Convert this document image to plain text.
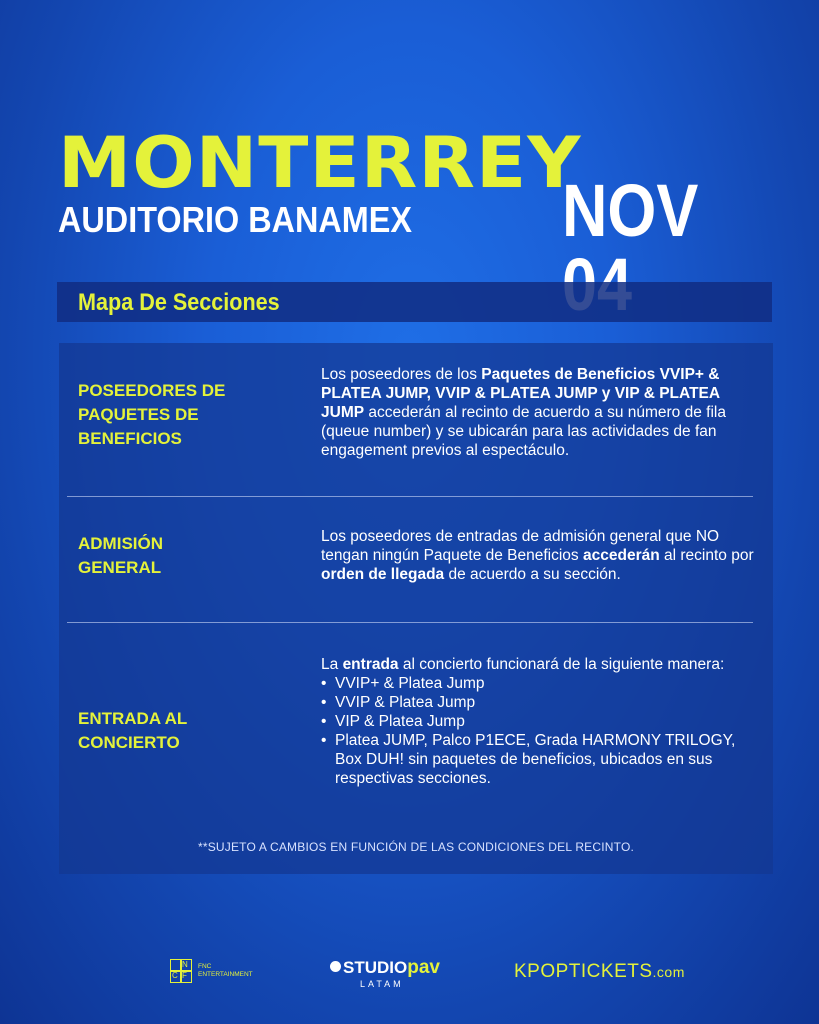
MONTERREY
AUDITORIO BANAMEX NOV
Mapa De Secciones
POSEEDORES DE
PAQUETES DE
BENEFICIOS
Los poseedores de los Paquetes de Beneficios VVIP+ & PLATEA JUMP, VVIP & PLATEA JUMP y VIP & PLATEA JUMP accederán al recinto de acuerdo a su número de fila (queue number) y se ubicarán para las actividades de fan engagement previos al espectáculo.
ADMISIÓN
GENERAL
Los poseedores de entradas de admisión general que NO tengan ningún Paquete de Beneficios accederán al recinto por orden de llegada de acuerdo a su sección.
ENTRADA AL
CONCIERTO
La entrada al concierto funcionará de la siguiente manera:
• VVIP+ & Platea Jump
• VVIP & Platea Jump
• VIP & Platea Jump
• Platea JUMP, Palco P1ECE, Grada HARMONY TRILOGY, Box DUH! sin paquetes de beneficios, ubicados en sus respectivas secciones.
**SUJETO A CAMBIOS EN FUNCIÓN DE LAS CONDICIONES DEL RECINTO.
N
C F
FNC
ENTERTAINMENT	STUDIOpav
LATAM
KPOPTICKETS.com
